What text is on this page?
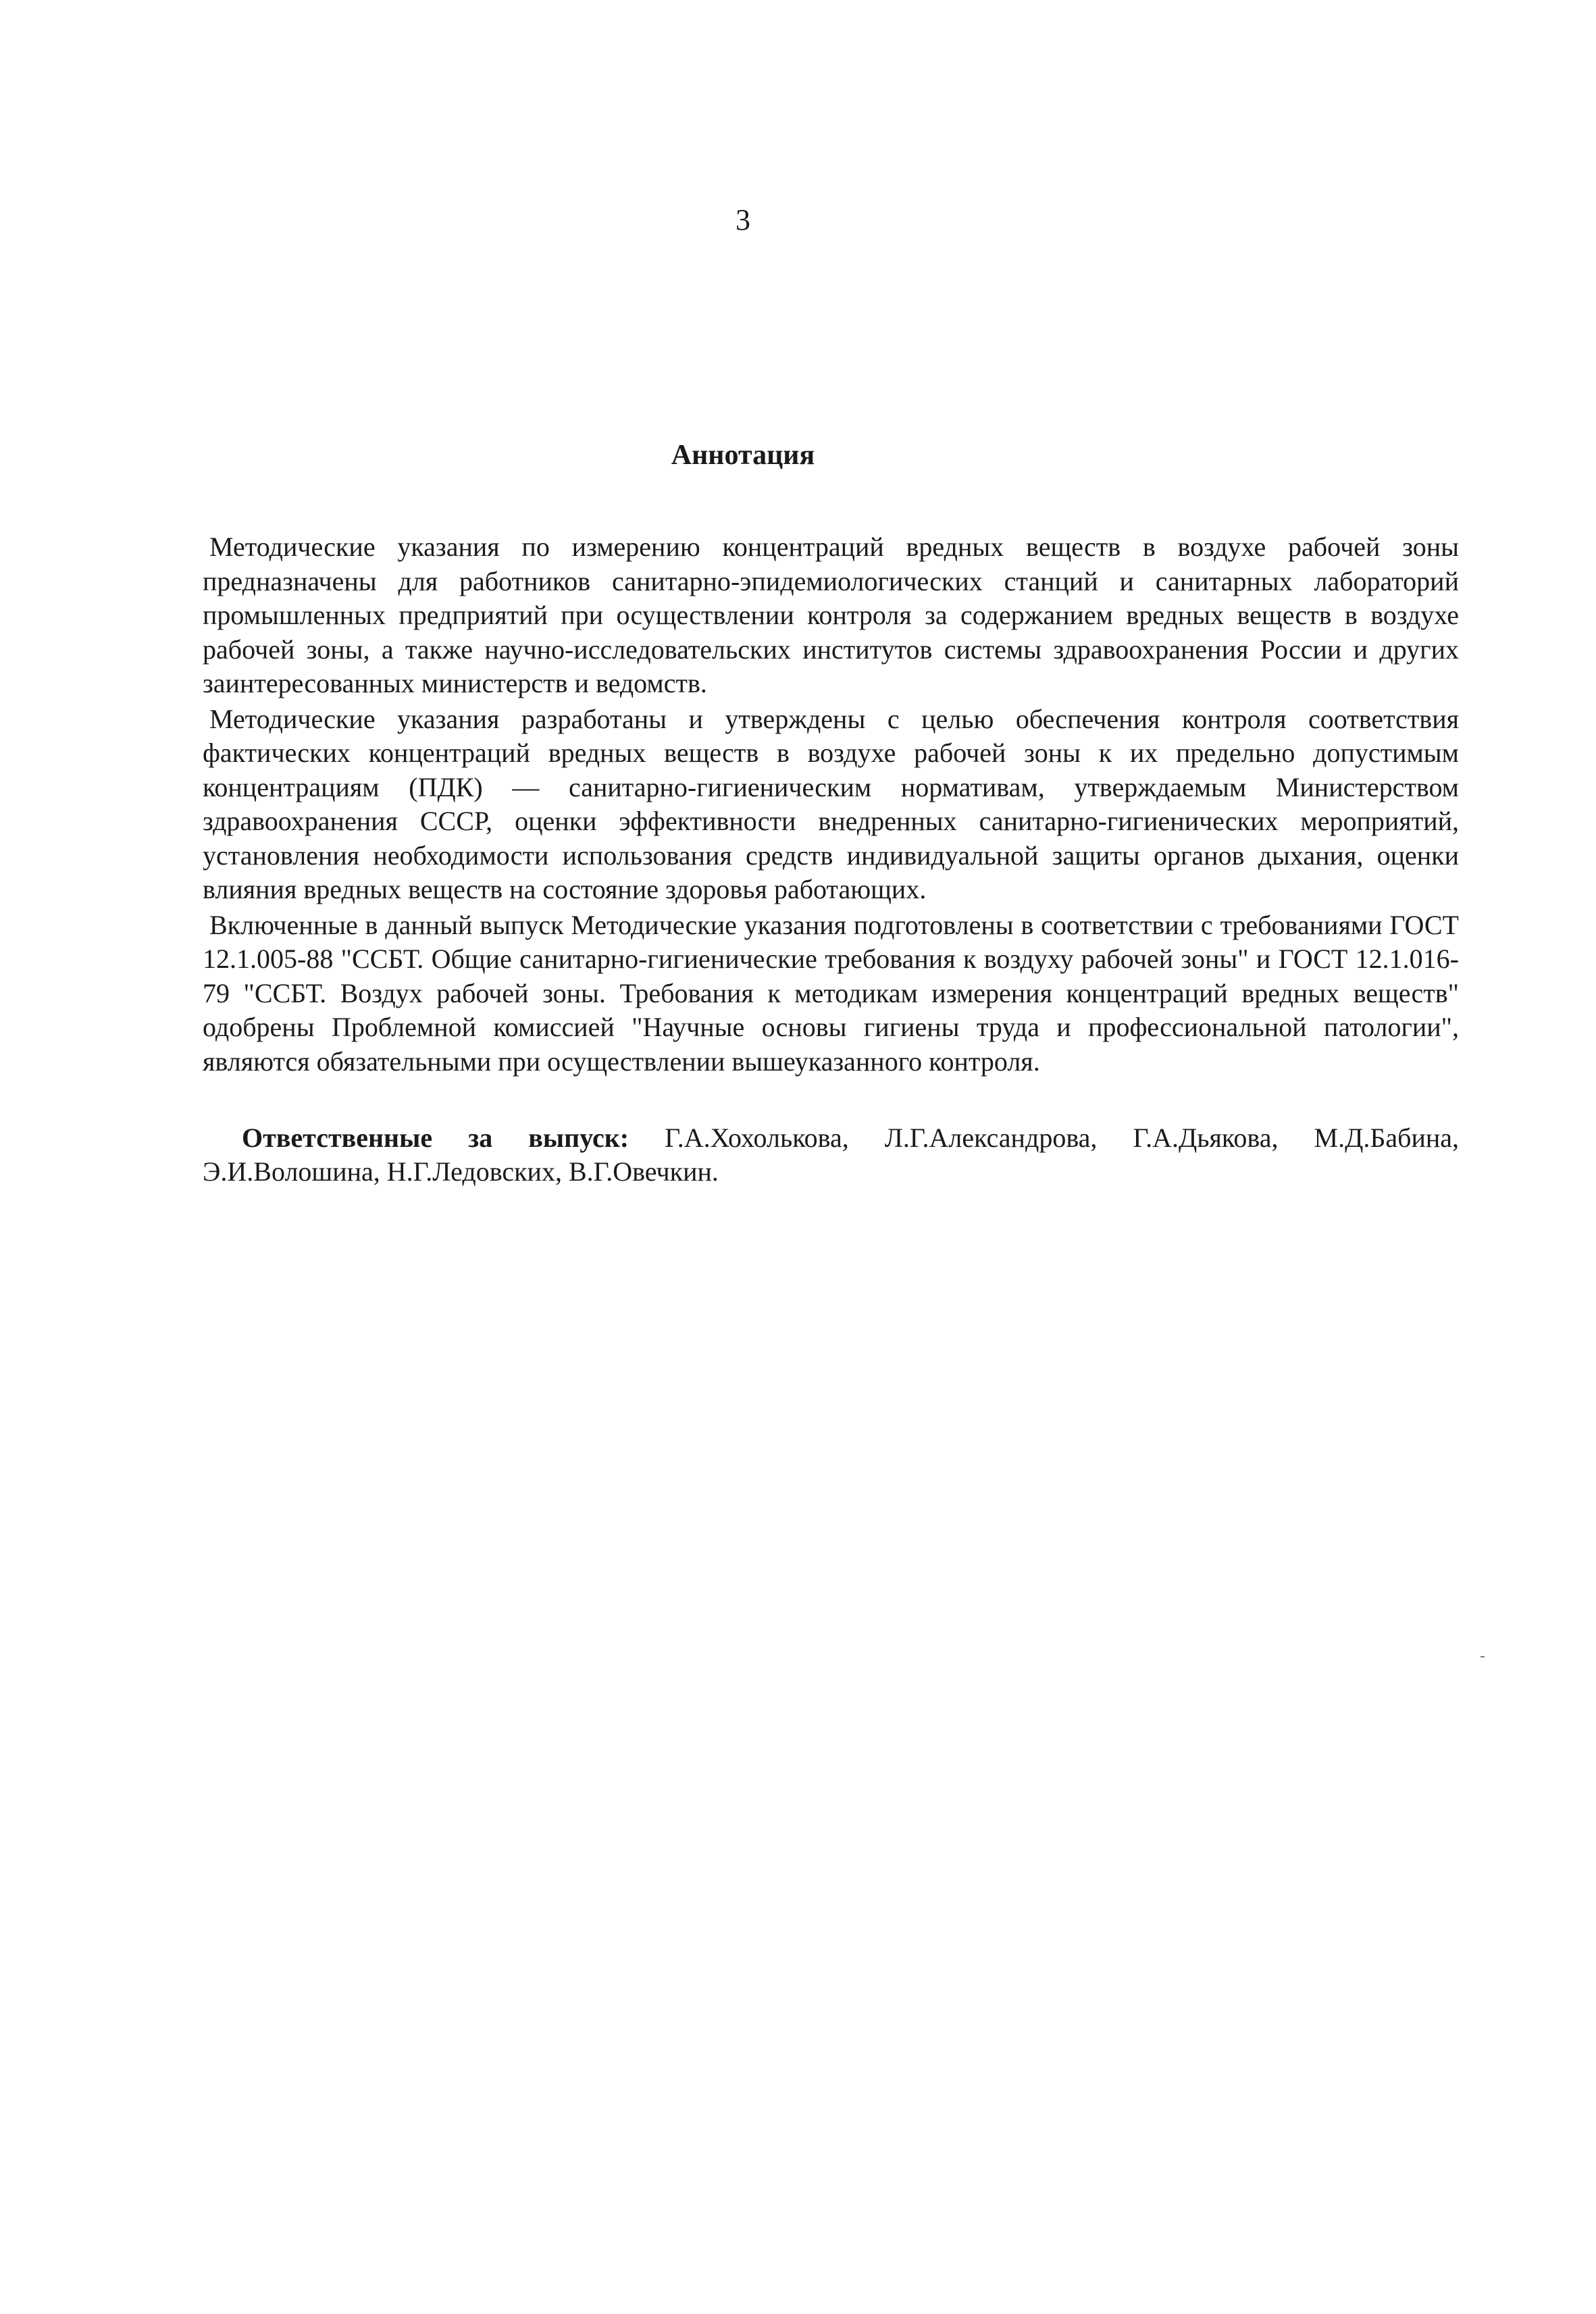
3
Аннотация

Методические указания по измерению концентраций вредных веществ в воздухе рабочей зоны предназначены для работников санитарно-эпидемиологических станций и санитарных лабораторий промышленных предприятий при осуществлении контроля за содержанием вредных веществ в воздухе рабочей зоны, а также научно-исследовательских институтов системы здравоохранения России и других заинтересованных министерств и ведомств.

Методические указания разработаны и утверждены с целью обеспечения контроля соответствия фактических концентраций вредных веществ в воздухе рабочей зоны к их предельно допустимым концентрациям (ПДК) — санитарно-гигиеническим нормативам, утверждаемым Министерством здравоохранения СССР, оценки эффективности внедренных санитарно-гигиенических мероприятий, установления необходимости использования средств индивидуальной защиты органов дыхания, оценки влияния вредных веществ на состояние здоровья работающих.

Включенные в данный выпуск Методические указания подготовлены в соответствии с требованиями ГОСТ 12.1.005-88 "ССБТ. Общие санитарно-гигиенические требования к воздуху рабочей зоны" и ГОСТ 12.1.016-79 "ССБТ. Воздух рабочей зоны. Требования к методикам измерения концентраций вредных веществ" одобрены Проблемной комиссией "Научные основы гигиены труда и профессиональной патологии", являются обязательными при осуществлении вышеуказанного контроля.

Ответственные за выпуск: Г.А.Хохолькова, Л.Г.Александрова, Г.А.Дьякова, М.Д.Бабина, Э.И.Волошина, Н.Г.Ледовских, В.Г.Овечкин.
